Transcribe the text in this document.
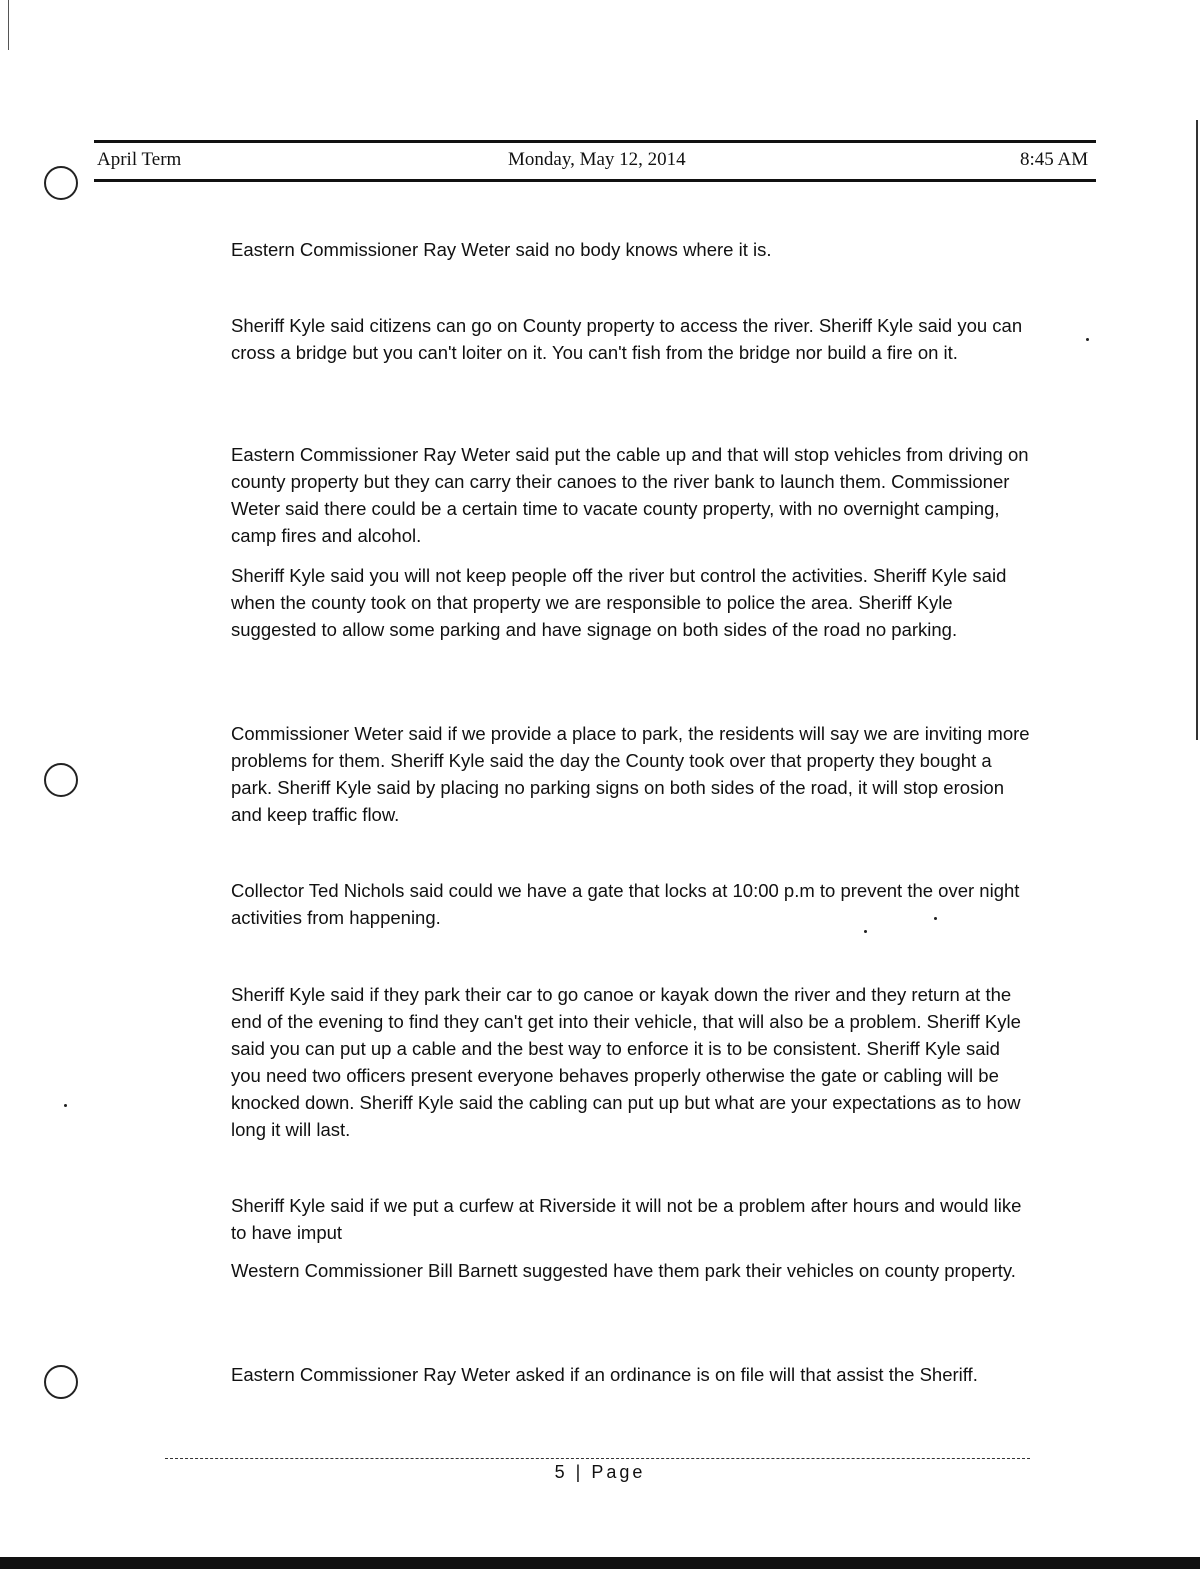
April Term	Monday, May 12, 2014	8:45 AM

Eastern Commissioner Ray Weter said no body knows where it is.

Sheriff Kyle said citizens can go on County property to access the river. Sheriff Kyle said you can cross a bridge but you can't loiter on it. You can't fish from the bridge nor build a fire on it.

Eastern Commissioner Ray Weter said put the cable up and that will stop vehicles from driving on county property but they can carry their canoes to the river bank to launch them. Commissioner Weter said there could be a certain time to vacate county property, with no overnight camping, camp fires and alcohol.

Sheriff Kyle said you will not keep people off the river but control the activities. Sheriff Kyle said when the county took on that property we are responsible to police the area. Sheriff Kyle suggested to allow some parking and have signage on both sides of the road no parking.

Commissioner Weter said if we provide a place to park, the residents will say we are inviting more problems for them. Sheriff Kyle said the day the County took over that property they bought a park. Sheriff Kyle said by placing no parking signs on both sides of the road, it will stop erosion and keep traffic flow.

Collector Ted Nichols said could we have a gate that locks at 10:00 p.m to prevent the over night activities from happening.

Sheriff Kyle said if they park their car to go canoe or kayak down the river and they return at the end of the evening to find they can't get into their vehicle, that will also be a problem. Sheriff Kyle said you can put up a cable and the best way to enforce it is to be consistent. Sheriff Kyle said you need two officers present everyone behaves properly otherwise the gate or cabling will be knocked down. Sheriff Kyle said the cabling can put up but what are your expectations as to how long it will last.

Sheriff Kyle said if we put a curfew at Riverside it will not be a problem after hours and would like to have imput

Western Commissioner Bill Barnett suggested have them park their vehicles on county property.

Eastern Commissioner Ray Weter asked if an ordinance is on file will that assist the Sheriff.

5 | Page
